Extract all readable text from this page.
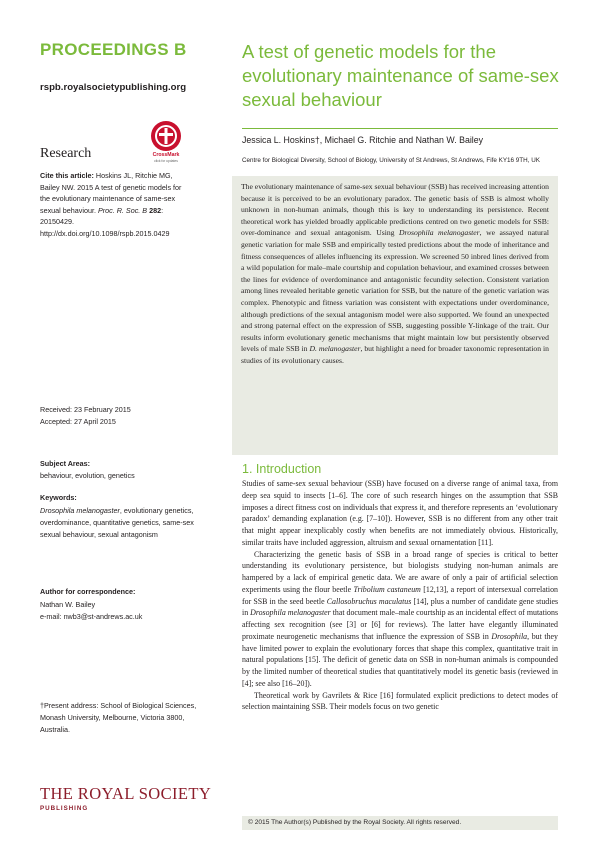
PROCEEDINGS B
rspb.royalsocietypublishing.org
Research	CrossMark
click for updates
Cite this article: Hoskins JL, Ritchie MG, Bailey NW. 2015 A test of genetic models for the evolutionary maintenance of same-sex sexual behaviour. Proc. R. Soc. B 282: 20150429. http://dx.doi.org/10.1098/rspb.2015.0429
Received: 23 February 2015
Accepted: 27 April 2015
Subject Areas:
behaviour, evolution, genetics
Keywords:
Drosophila melanogaster, evolutionary genetics, overdominance, quantitative genetics, same-sex sexual behaviour, sexual antagonism
Author for correspondence:
Nathan W. Bailey
e-mail: nwb3@st-andrews.ac.uk
†Present address: School of Biological Sciences, Monash University, Melbourne, Victoria 3800, Australia.
THE ROYAL SOCIETY
PUBLISHING
A test of genetic models for the evolutionary maintenance of same-sex sexual behaviour
Jessica L. Hoskins†, Michael G. Ritchie and Nathan W. Bailey
Centre for Biological Diversity, School of Biology, University of St Andrews, St Andrews, Fife KY16 9TH, UK

The evolutionary maintenance of same-sex sexual behaviour (SSB) has received increasing attention because it is perceived to be an evolutionary paradox. The genetic basis of SSB is almost wholly unknown in non-human animals, though this is key to understanding its persistence. Recent theoretical work has yielded broadly applicable predictions centred on two genetic models for SSB: over-dominance and sexual antagonism. Using Drosophila melanogaster, we assayed natural genetic variation for male SSB and empirically tested predictions about the mode of inheritance and fitness consequences of alleles influencing its expression. We screened 50 inbred lines derived from a wild population for male–male courtship and copulation behaviour, and examined crosses between the lines for evidence of overdominance and antagonistic fecundity selection. Consistent variation among lines revealed heritable genetic variation for SSB, but the nature of the genetic variation was complex. Phenotypic and fitness variation was consistent with expectations under overdominance, although predictions of the sexual antagonism model were also supported. We found an unexpected and strong paternal effect on the expression of SSB, suggesting possible Y-linkage of the trait. Our results inform evolutionary genetic mechanisms that might maintain low but persistently observed levels of male SSB in D. melanogaster, but highlight a need for broader taxonomic representation in studies of its evolutionary causes.

1. Introduction

Studies of same-sex sexual behaviour (SSB) have focused on a diverse range of animal taxa, from deep sea squid to insects [1–6]. The core of such research hinges on the assumption that SSB imposes a direct fitness cost on individuals that express it, and therefore represents an ‘evolutionary paradox’ demanding explanation (e.g. [7–10]). However, SSB is no different from any other trait that might appear inexplicably costly when benefits are not immediately obvious. Historically, similar traits have included aggression, altruism and sexual ornamentation [11].

Characterizing the genetic basis of SSB in a broad range of species is critical to better understanding its evolutionary persistence, but biologists studying non-human animals are hampered by a lack of empirical genetic data. We are aware of only a pair of artificial selection experiments using the flour beetle Tribolium castaneum [12,13], a report of intersexual correlation for SSB in the seed beetle Callosobruchus maculatus [14], plus a number of candidate gene studies in Drosophila melanogaster that document male–male courtship as an incidental effect of mutations affecting sex recognition (see [3] or [6] for reviews). The latter have elegantly illuminated proximate neurogenetic mechanisms that influence the expression of SSB in Drosophila, but they have limited power to explain the evolutionary forces that shape this complex, quantitative trait in natural populations [15]. The deficit of genetic data on SSB in non-human animals is compounded by the limited number of theoretical studies that quantitatively model its genetic basis (reviewed in [4]; see also [16–20]).

Theoretical work by Gavrilets & Rice [16] formulated explicit predictions to detect modes of selection maintaining SSB. Their models focus on two genetic

© 2015 The Author(s) Published by the Royal Society. All rights reserved.
